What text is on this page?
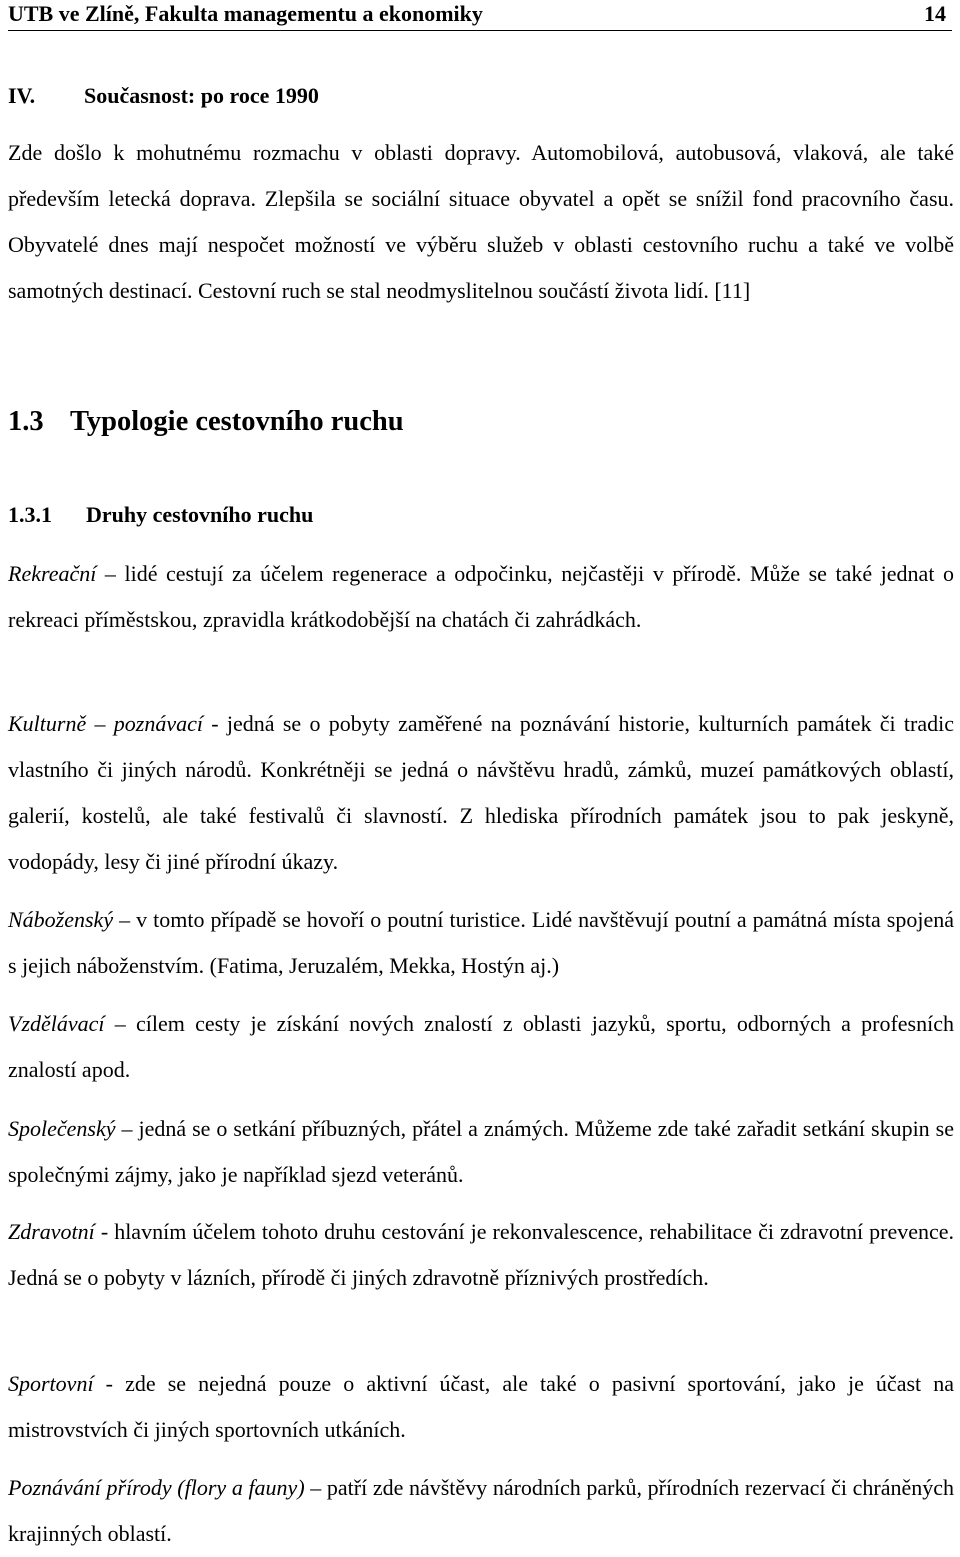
UTB ve Zlíně, Fakulta managementu a ekonomiky	14
IV. Současnost: po roce 1990
Zde došlo k mohutnému rozmachu v oblasti dopravy. Automobilová, autobusová, vlaková, ale také především letecká doprava. Zlepšila se sociální situace obyvatel a opět se snížil fond pracovního času. Obyvatelé dnes mají nespočet možností ve výběru služeb v oblasti cestovního ruchu a také ve volbě samotných destinací. Cestovní ruch se stal neodmyslitelnou součástí života lidí. [11]
1.3 Typologie cestovního ruchu
1.3.1 Druhy cestovního ruchu
Rekreační – lidé cestují za účelem regenerace a odpočinku, nejčastěji v přírodě. Může se také jednat o rekreaci příměstskou, zpravidla krátkodobější na chatách či zahrádkách.
Kulturně – poznávací - jedná se o pobyty zaměřené na poznávání historie, kulturních památek či tradic vlastního či jiných národů. Konkrétněji se jedná o návštěvu hradů, zámků, muzeí památkových oblastí, galerií, kostelů, ale také festivalů či slavností. Z hlediska přírodních památek jsou to pak jeskyně, vodopády, lesy či jiné přírodní úkazy.
Náboženský – v tomto případě se hovoří o poutní turistice. Lidé navštěvují poutní a památná místa spojená s jejich náboženstvím. (Fatima, Jeruzalém, Mekka, Hostýn aj.)
Vzdělávací – cílem cesty je získání nových znalostí z oblasti jazyků, sportu, odborných a profesních znalostí apod.
Společenský – jedná se o setkání příbuzných, přátel a známých. Můžeme zde také zařadit setkání skupin se společnými zájmy, jako je například sjezd veteránů.
Zdravotní - hlavním účelem tohoto druhu cestování je rekonvalescence, rehabilitace či zdravotní prevence. Jedná se o pobyty v lázních, přírodě či jiných zdravotně příznivých prostředích.
Sportovní - zde se nejedná pouze o aktivní účast, ale také o pasivní sportování, jako je účast na mistrovstvích či jiných sportovních utkáních.
Poznávání přírody (flory a fauny) – patří zde návštěvy národních parků, přírodních rezervací či chráněných krajinných oblastí.
